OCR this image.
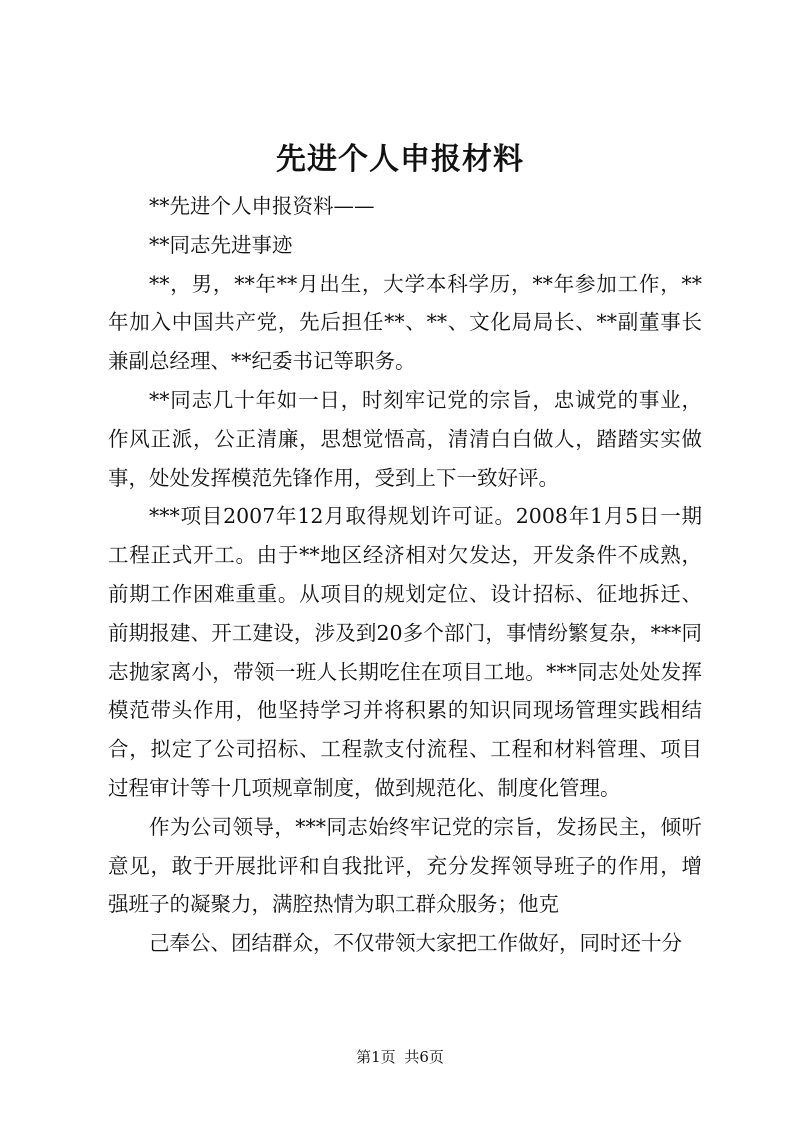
先进个人申报材料

**先进个人申报资料——

**同志先进事迹

**，男，**年**月出生，大学本科学历，**年参加工作，**年加入中国共产党，先后担任**、**、文化局局长、**副董事长兼副总经理、**纪委书记等职务。

**同志几十年如一日，时刻牢记党的宗旨，忠诚党的事业，作风正派，公正清廉，思想觉悟高，清清白白做人，踏踏实实做事，处处发挥模范先锋作用，受到上下一致好评。

***项目2007年12月取得规划许可证。2008年1月5日一期工程正式开工。由于**地区经济相对欠发达，开发条件不成熟，前期工作困难重重。从项目的规划定位、设计招标、征地拆迁、前期报建、开工建设，涉及到20多个部门，事情纷繁复杂，***同志抛家离小，带领一班人长期吃住在项目工地。***同志处处发挥模范带头作用，他坚持学习并将积累的知识同现场管理实践相结合，拟定了公司招标、工程款支付流程、工程和材料管理、项目过程审计等十几项规章制度，做到规范化、制度化管理。

作为公司领导，***同志始终牢记党的宗旨，发扬民主，倾听意见，敢于开展批评和自我批评，充分发挥领导班子的作用，增强班子的凝聚力，满腔热情为职工群众服务；他克

己奉公、团结群众，不仅带领大家把工作做好，同时还十分

第1页 共6页
